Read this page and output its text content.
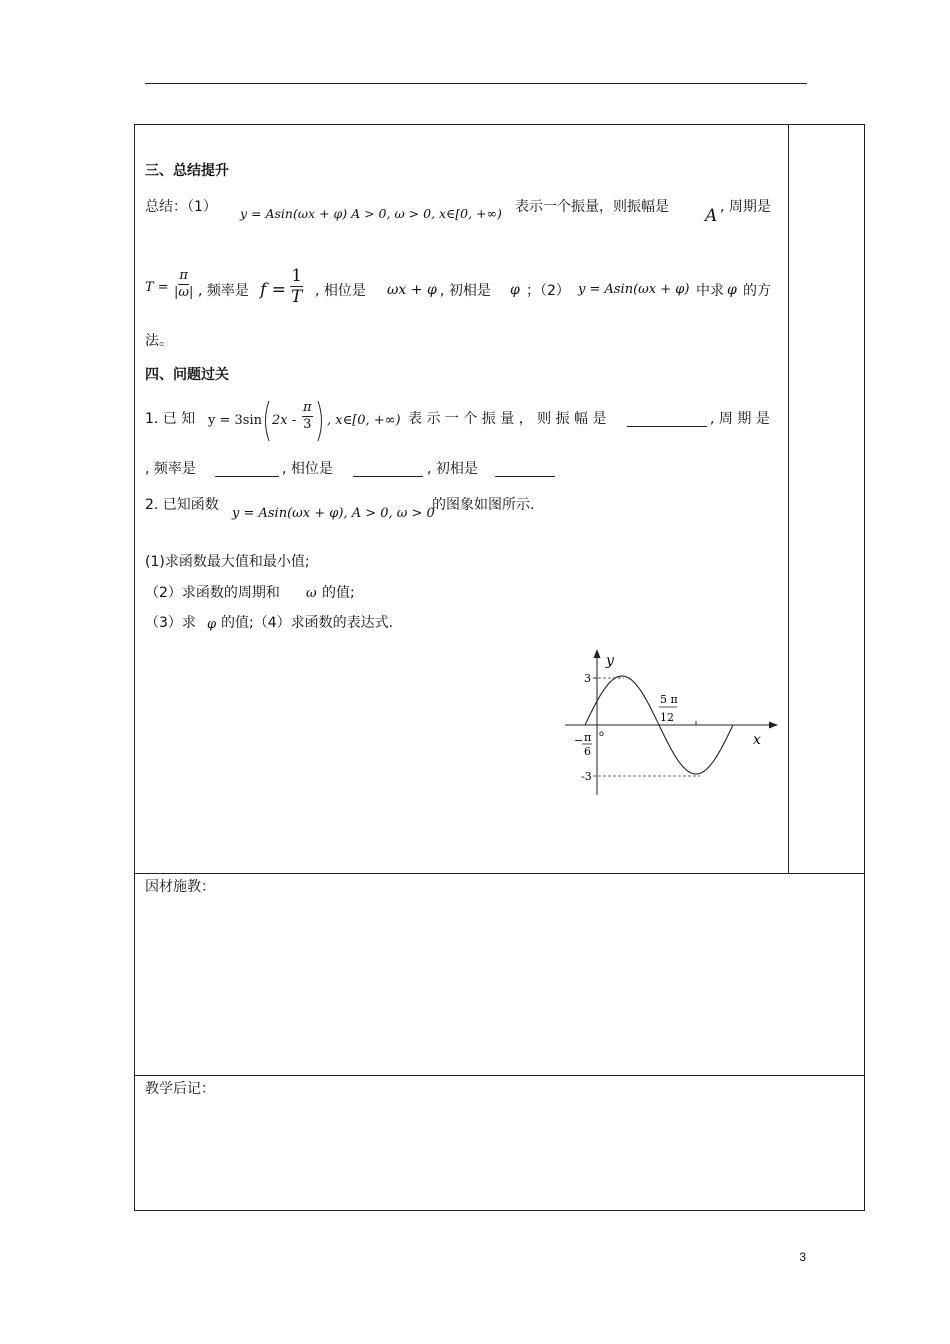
三、总结提升
总结：（1） y = Asin(ωx + φ) A > 0, ω > 0, x∈[0, +∞) 表示一个振量，则振幅是 A , 周期是
$T = \frac{\pi}{|\omega|}$ , 频率是 $f = \frac{1}{T}$ , 相位是 ωx + φ , 初相是 φ ；（2） y = Asin(ωx + φ) 中求 φ 的方
法。
四、问题过关
1. 已 知 y = 3sin $2x - \frac{\pi}{3}$ , x∈[0, +∞) 表 示 一 个 振 量 ， 则 振 幅 是	, 周 期 是
, 频率是	, 相位是	, 初相是
2. 已知函数
y = Asin(ωx + φ), A > 0, ω > 0
的图象如图所示.
(1)求函数最大值和最小值;
（2）求函数的周期和 ω 的值;
（3）求 φ 的值;（4）求函数的表达式.
y
x
3
-3
o
− π
6
5 π
12
因材施教：
教学后记：
3
